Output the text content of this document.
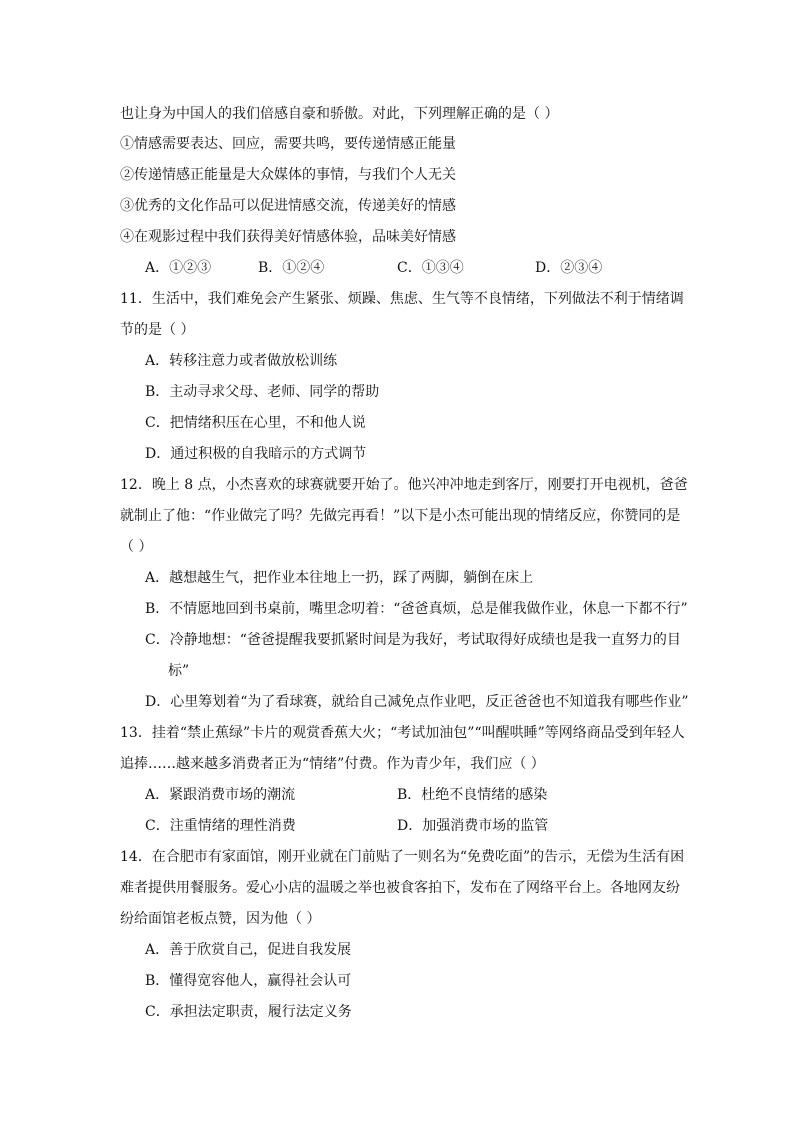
也让身为中国人的我们倍感自豪和骄傲。对此，下列理解正确的是（ ）
①情感需要表达、回应，需要共鸣，要传递情感正能量
②传递情感正能量是大众媒体的事情，与我们个人无关
③优秀的文化作品可以促进情感交流，传递美好的情感
④在观影过程中我们获得美好情感体验，品味美好情感
A．①②③	B．①②④	C．①③④	D．②③④
11．生活中，我们难免会产生紧张、烦躁、焦虑、生气等不良情绪，下列做法不利于情绪调
节的是（ ）
A．转移注意力或者做放松训练
B．主动寻求父母、老师、同学的帮助
C．把情绪积压在心里，不和他人说
D．通过积极的自我暗示的方式调节
12．晚上 8 点，小杰喜欢的球赛就要开始了。他兴冲冲地走到客厅，刚要打开电视机，爸爸
就制止了他：“作业做完了吗？先做完再看！”以下是小杰可能出现的情绪反应，你赞同的是
（ ）
A．越想越生气，把作业本往地上一扔，踩了两脚，躺倒在床上
B．不情愿地回到书桌前，嘴里念叨着：“爸爸真烦，总是催我做作业，休息一下都不行”
C．冷静地想：“爸爸提醒我要抓紧时间是为我好，考试取得好成绩也是我一直努力的目
标”
D．心里筹划着“为了看球赛，就给自己减免点作业吧，反正爸爸也不知道我有哪些作业”
13．挂着“禁止蕉绿”卡片的观赏香蕉大火；“考试加油包”“叫醒哄睡”等网络商品受到年轻人
追捧……越来越多消费者正为“情绪”付费。作为青少年，我们应（ ）
A．紧跟消费市场的潮流	B．杜绝不良情绪的感染
C．注重情绪的理性消费	D．加强消费市场的监管
14．在合肥市有家面馆，刚开业就在门前贴了一则名为“免费吃面”的告示，无偿为生活有困
难者提供用餐服务。爱心小店的温暖之举也被食客拍下，发布在了网络平台上。各地网友纷
纷给面馆老板点赞，因为他（ ）
A．善于欣赏自己，促进自我发展
B．懂得宽容他人，赢得社会认可
C．承担法定职责，履行法定义务
